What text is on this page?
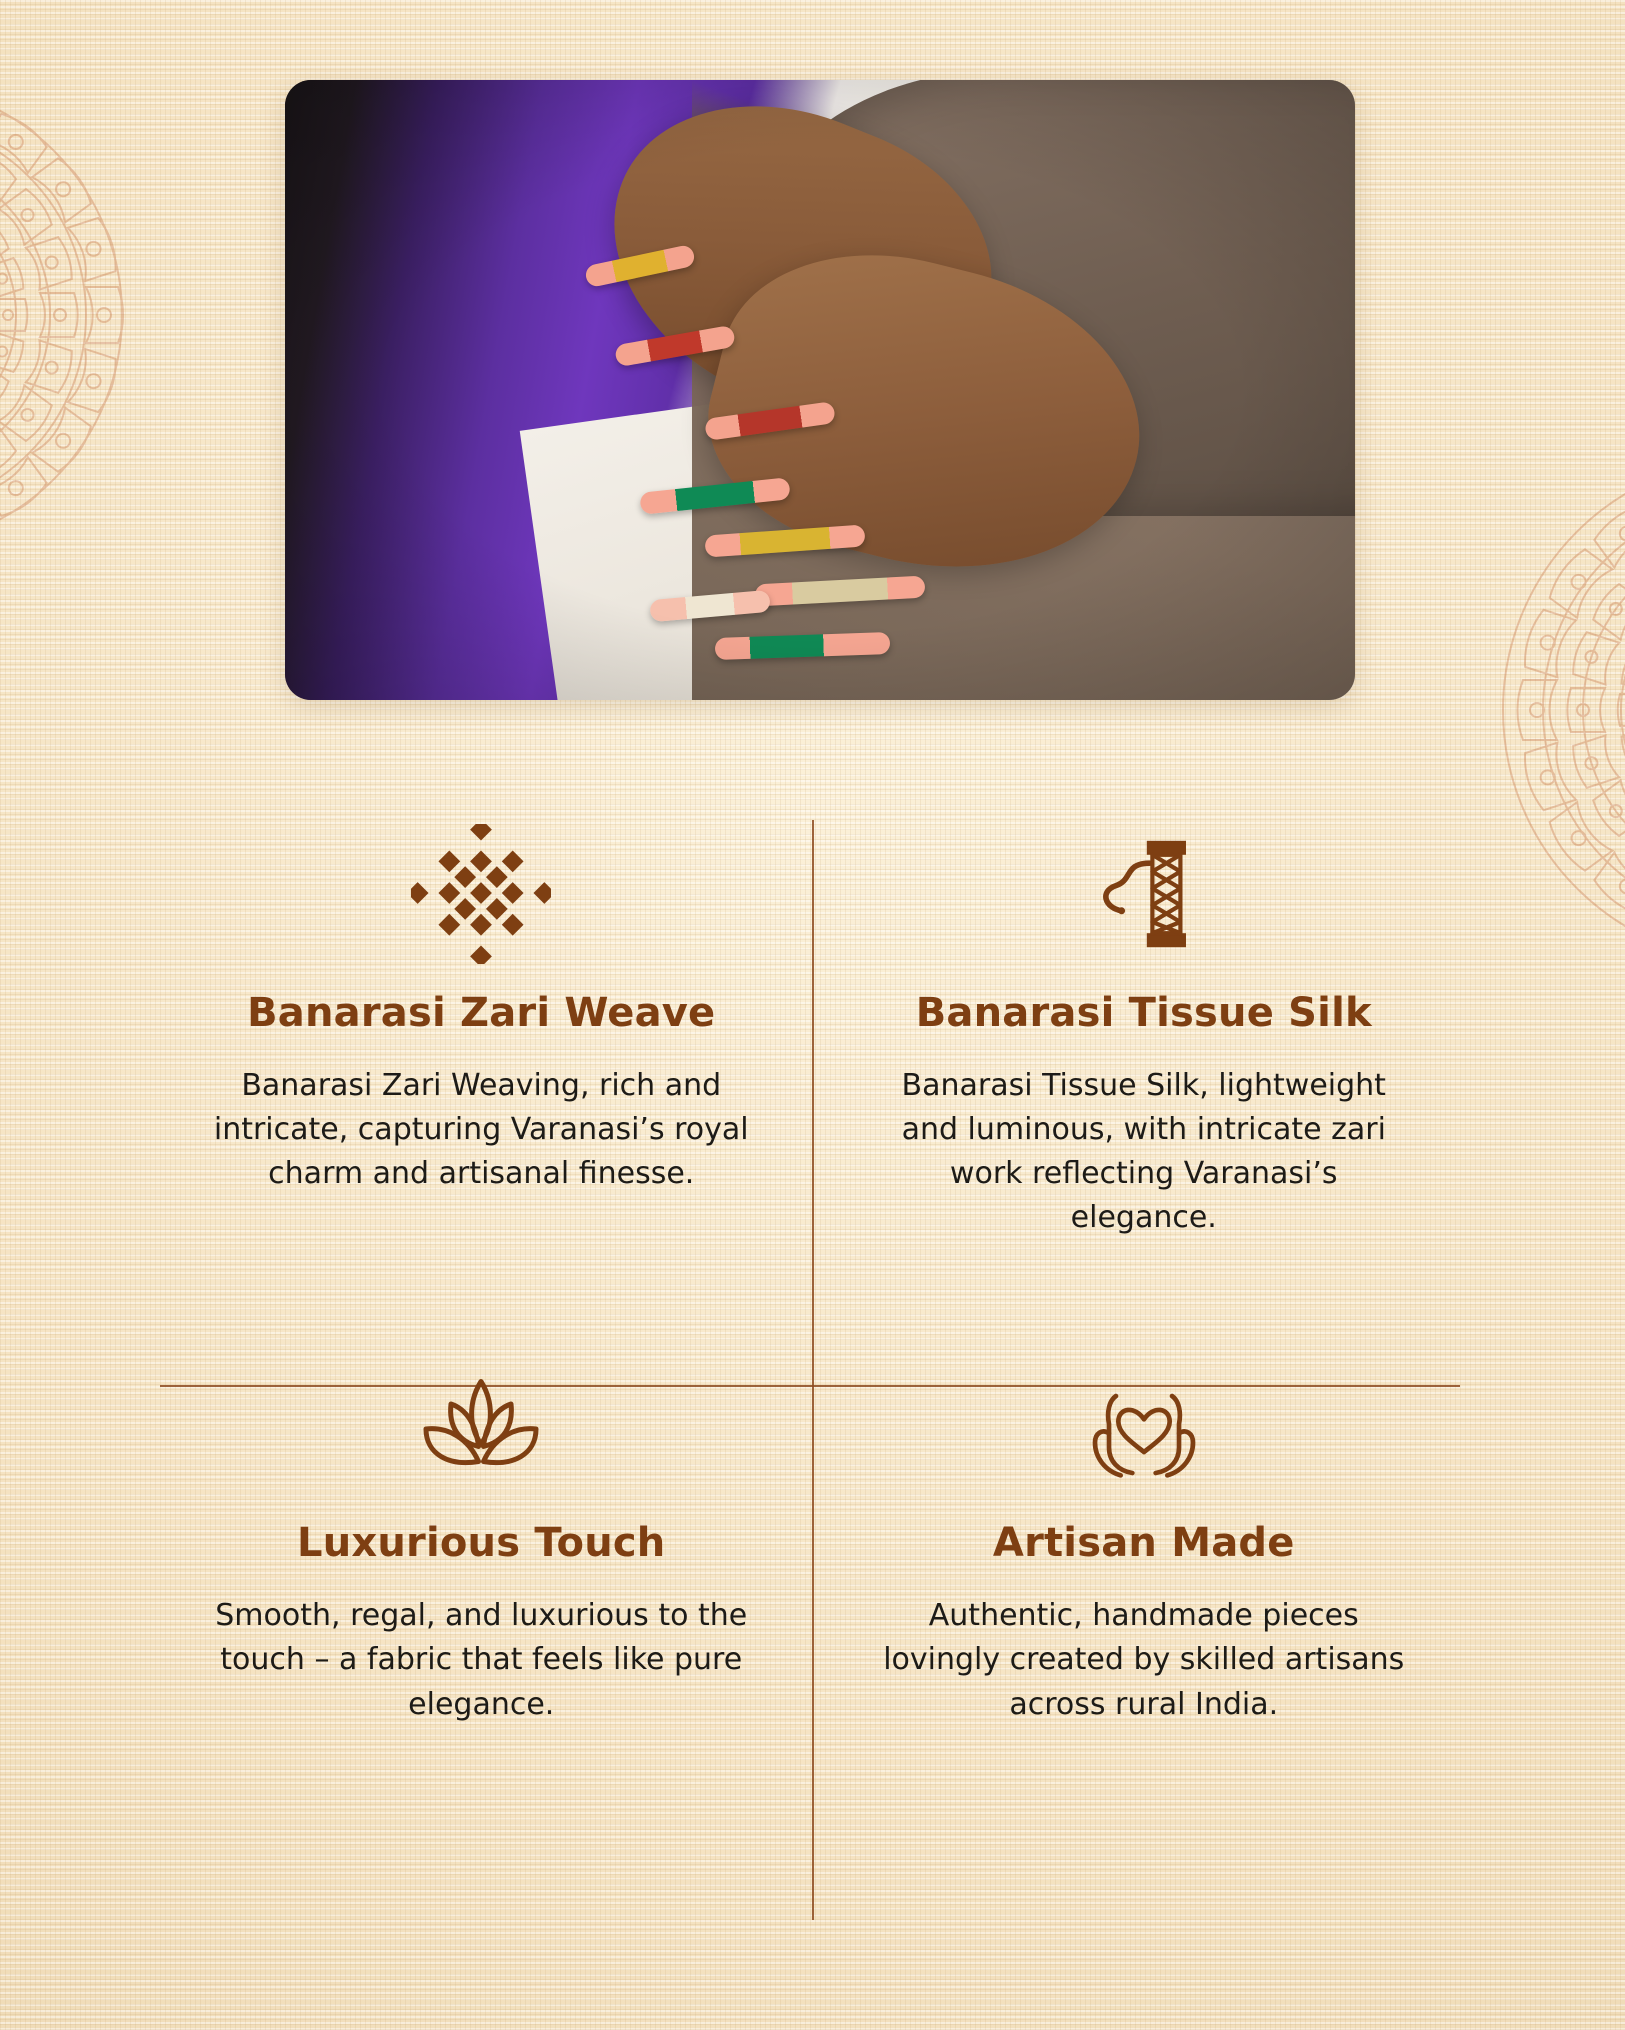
Banarasi Zari Weave

Banarasi Zari Weaving, rich and intricate, capturing Varanasi’s royal charm and artisanal finesse.

Banarasi Tissue Silk

Banarasi Tissue Silk, lightweight and luminous, with intricate zari work reflecting Varanasi’s elegance.

Luxurious Touch

Smooth, regal, and luxurious to the touch – a fabric that feels like pure elegance.

Artisan Made

Authentic, handmade pieces lovingly created by skilled artisans across rural India.
